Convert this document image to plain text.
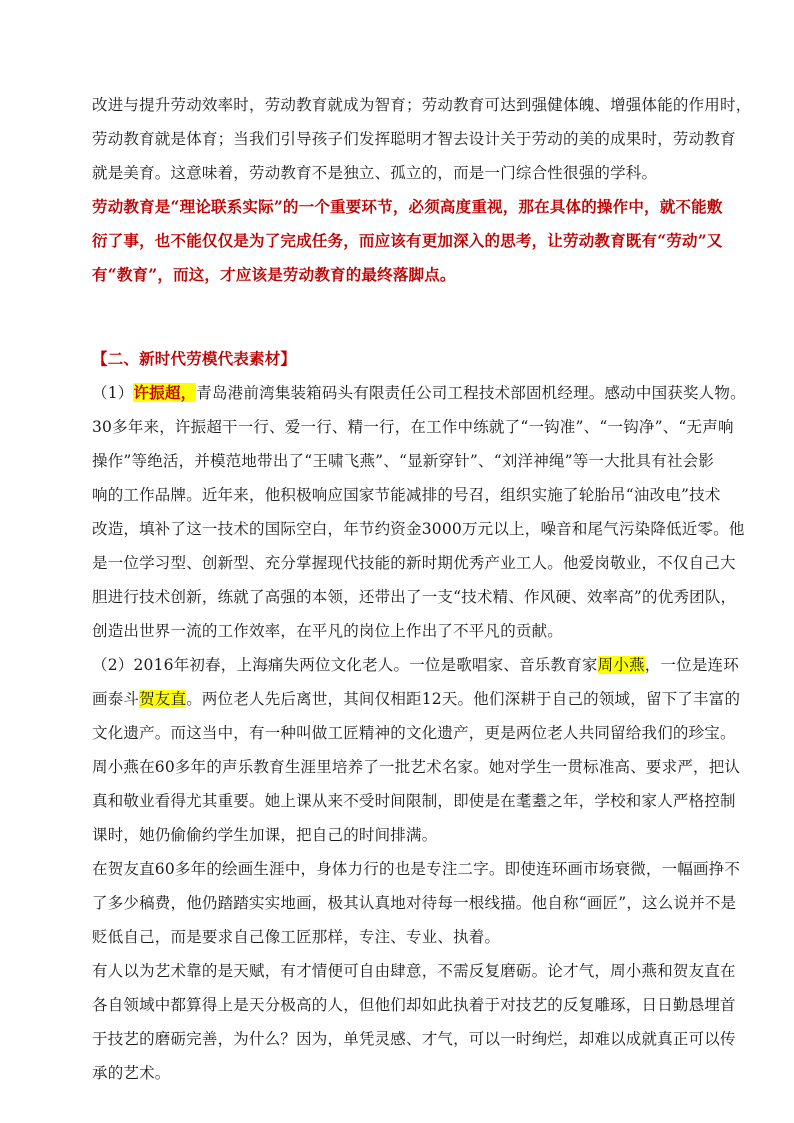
改进与提升劳动效率时，劳动教育就成为智育；劳动教育可达到强健体魄、增强体能的作用时，
劳动教育就是体育；当我们引导孩子们发挥聪明才智去设计关于劳动的美的成果时，劳动教育
就是美育。这意味着，劳动教育不是独立、孤立的，而是一门综合性很强的学科。
劳动教育是“理论联系实际”的一个重要环节，必须高度重视，那在具体的操作中，就不能敷
衍了事，也不能仅仅是为了完成任务，而应该有更加深入的思考，让劳动教育既有“劳动”又
有“教育”，而这，才应该是劳动教育的最终落脚点。
【二、新时代劳模代表素材】
（1）许振超，青岛港前湾集装箱码头有限责任公司工程技术部固机经理。感动中国获奖人物。
30多年来，许振超干一行、爱一行、精一行，在工作中练就了“一钩准”、“一钩净”、“无声响
操作”等绝活，并模范地带出了“王啸飞燕”、“显新穿针”、“刘洋神绳”等一大批具有社会影
响的工作品牌。近年来，他积极响应国家节能减排的号召，组织实施了轮胎吊“油改电”技术
改造，填补了这一技术的国际空白，年节约资金3000万元以上，噪音和尾气污染降低近零。他
是一位学习型、创新型、充分掌握现代技能的新时期优秀产业工人。他爱岗敬业，不仅自己大
胆进行技术创新，练就了高强的本领，还带出了一支“技术精、作风硬、效率高”的优秀团队，
创造出世界一流的工作效率，在平凡的岗位上作出了不平凡的贡献。
（2）2016年初春，上海痛失两位文化老人。一位是歌唱家、音乐教育家周小燕，一位是连环
画泰斗贺友直。两位老人先后离世，其间仅相距12天。他们深耕于自己的领域，留下了丰富的
文化遗产。而这当中，有一种叫做工匠精神的文化遗产，更是两位老人共同留给我们的珍宝。
周小燕在60多年的声乐教育生涯里培养了一批艺术名家。她对学生一贯标准高、要求严，把认
真和敬业看得尤其重要。她上课从来不受时间限制，即使是在耄耋之年，学校和家人严格控制
课时，她仍偷偷约学生加课，把自己的时间排满。
在贺友直60多年的绘画生涯中，身体力行的也是专注二字。即使连环画市场衰微，一幅画挣不
了多少稿费，他仍踏踏实实地画，极其认真地对待每一根线描。他自称“画匠”，这么说并不是
贬低自己，而是要求自己像工匠那样，专注、专业、执着。
有人以为艺术靠的是天赋，有才情便可自由肆意，不需反复磨砺。论才气，周小燕和贺友直在
各自领域中都算得上是天分极高的人，但他们却如此执着于对技艺的反复雕琢，日日勤恳埋首
于技艺的磨砺完善，为什么？因为，单凭灵感、才气，可以一时绚烂，却难以成就真正可以传
承的艺术。
